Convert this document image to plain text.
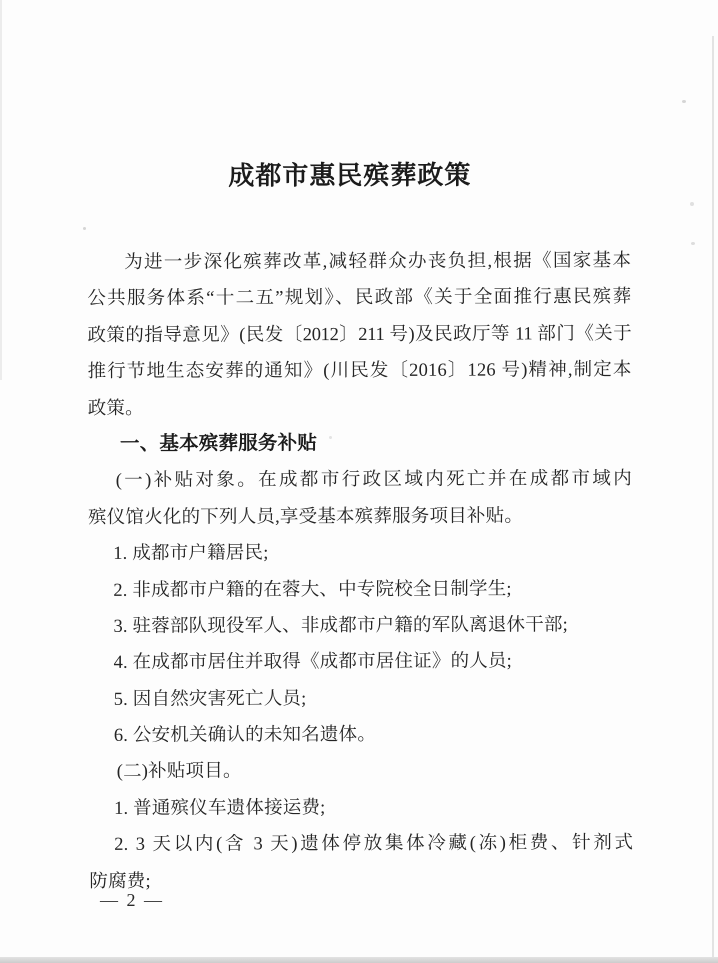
成都市惠民殡葬政策
为进一步深化殡葬改革,减轻群众办丧负担,根据《国家基本
公共服务体系“十二五”规划》、民政部《关于全面推行惠民殡葬
政策的指导意见》(民发〔2012〕211 号)及民政厅等 11 部门《关于
推行节地生态安葬的通知》(川民发〔2016〕126 号)精神,制定本
政策。
一、基本殡葬服务补贴
(一)补贴对象。在成都市行政区域内死亡并在成都市域内
殡仪馆火化的下列人员,享受基本殡葬服务项目补贴。
1. 成都市户籍居民;
2. 非成都市户籍的在蓉大、中专院校全日制学生;
3. 驻蓉部队现役军人、非成都市户籍的军队离退休干部;
4. 在成都市居住并取得《成都市居住证》的人员;
5. 因自然灾害死亡人员;
6. 公安机关确认的未知名遗体。
(二)补贴项目。
1. 普通殡仪车遗体接运费;
2. 3 天以内(含 3 天)遗体停放集体冷藏(冻)柜费、针剂式
防腐费;
— 2 —
